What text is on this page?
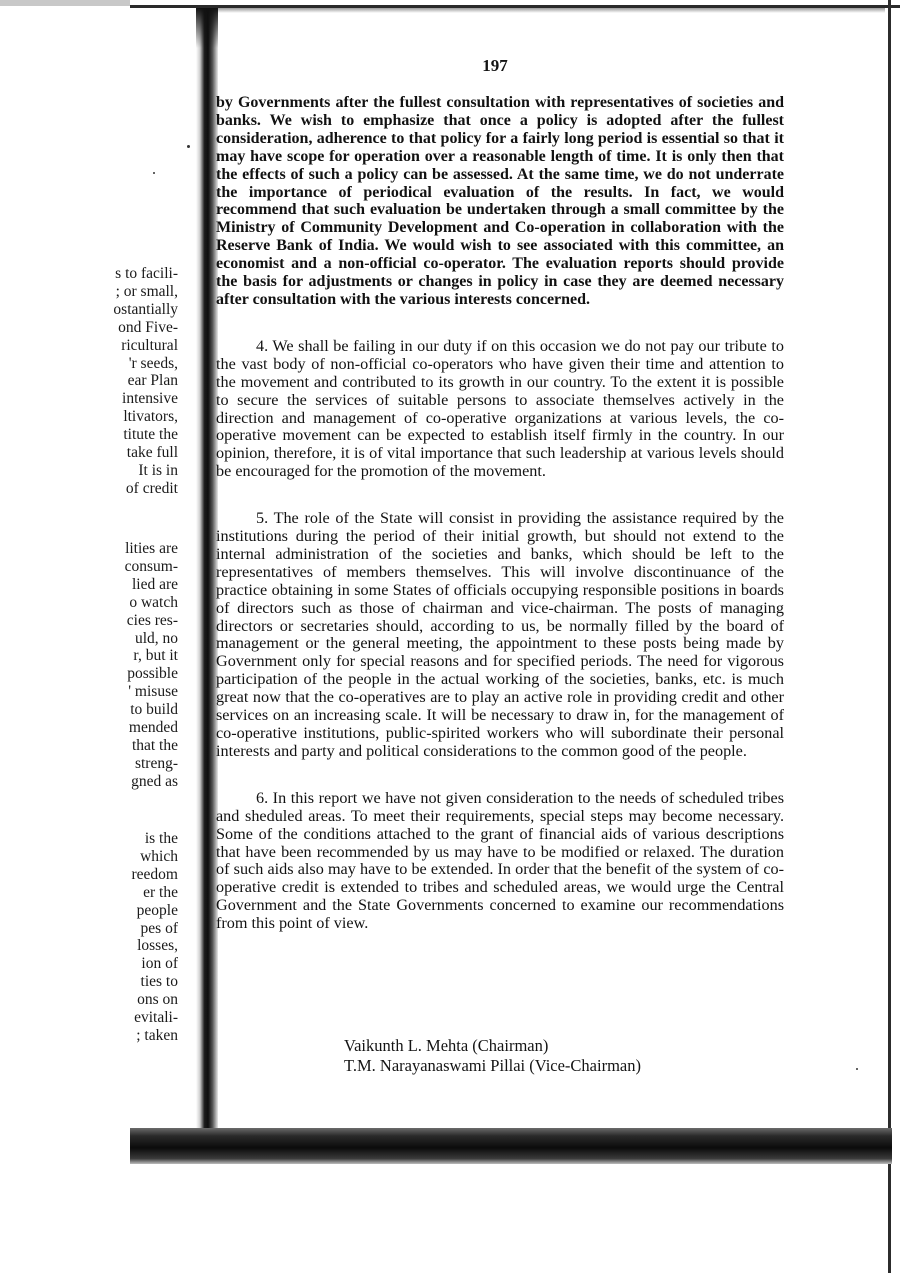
s to facili-
; or small,
ostantially
ond Five-
ricultural
'r seeds,
ear Plan
intensive
ltivators,
titute the
take full
It is in
of credit
lities are
consum-
lied are
o watch
cies res-
uld, no
r, but it
possible
' misuse
to build
mended
that the
streng-
gned as
is the
which
reedom
er the
people
pes of
losses,
ion of
ties to
ons on
evitali-
; taken
197

by Governments after the fullest consultation with representatives of societies and banks. We wish to emphasize that once a policy is adopted after the fullest consideration, adherence to that policy for a fairly long period is essential so that it may have scope for operation over a reasonable length of time. It is only then that the effects of such a policy can be assessed. At the same time, we do not underrate the importance of periodical evaluation of the results. In fact, we would recommend that such evaluation be undertaken through a small committee by the Ministry of Community Development and Co-operation in collaboration with the Reserve Bank of India. We would wish to see associated with this committee, an economist and a non-official co-operator. The evaluation reports should provide the basis for adjustments or changes in policy in case they are deemed necessary after consultation with the various interests concerned.

4. We shall be failing in our duty if on this occasion we do not pay our tribute to the vast body of non-official co-operators who have given their time and attention to the movement and contributed to its growth in our country. To the extent it is possible to secure the services of suitable persons to associate themselves actively in the direction and management of co-operative organizations at various levels, the co-operative movement can be expected to establish itself firmly in the country. In our opinion, therefore, it is of vital importance that such leadership at various levels should be encouraged for the promotion of the movement.

5. The role of the State will consist in providing the assistance required by the institutions during the period of their initial growth, but should not extend to the internal administration of the societies and banks, which should be left to the representatives of members themselves. This will involve discontinuance of the practice obtaining in some States of officials occupying responsible positions in boards of directors such as those of chairman and vice-chairman. The posts of managing directors or secretaries should, according to us, be normally filled by the board of management or the general meeting, the appointment to these posts being made by Government only for special reasons and for specified periods. The need for vigorous participation of the people in the actual working of the societies, banks, etc. is much great now that the co-operatives are to play an active role in providing credit and other services on an increasing scale. It will be necessary to draw in, for the management of co-operative institutions, public-spirited workers who will subordinate their personal interests and party and political considerations to the common good of the people.

6. In this report we have not given consideration to the needs of scheduled tribes and sheduled areas. To meet their requirements, special steps may become necessary. Some of the conditions attached to the grant of financial aids of various descriptions that have been recommended by us may have to be modified or relaxed. The duration of such aids also may have to be extended. In order that the benefit of the system of co-operative credit is extended to tribes and scheduled areas, we would urge the Central Government and the State Governments concerned to examine our recommendations from this point of view.

Vaikunth L. Mehta (Chairman)
T.M. Narayanaswami Pillai (Vice-Chairman)
